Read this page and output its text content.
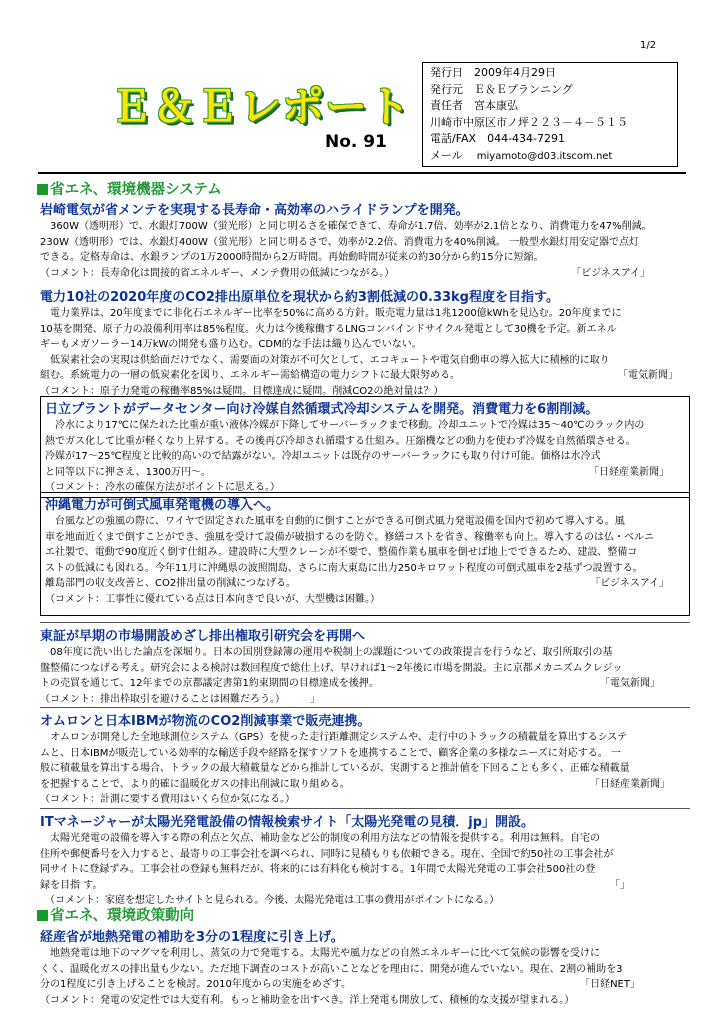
1/2
Ｅ＆Ｅレポート
No. 91
発行日　2009年4月29日
発行元　Ｅ＆Ｅプランニング
責任者　宮本康弘
川崎市中原区市ノ坪２２３－４－５１５
電話/FAX　044-434-7291
メール miyamoto@d03.itscom.net
省エネ、環境機器システム
岩崎電気が省メンテを実現する長寿命・高効率のハライドランプを開発。

　360W（透明形）で、水銀灯700W（蛍光形）と同じ明るさを確保できて、寿命が1.7倍、効率が2.1倍となり、消費電力を47%削減。

230W（透明形）では、水銀灯400W（蛍光形）と同じ明るさで、効率が2.2倍、消費電力を40%削減。 一般型水銀灯用安定器で点灯

できる。定格寿命は、水銀ランプの1万2000時間から2万時間。再始動時間が従来の約30分から約15分に短縮。

（コメント：長寿命化は間接的省エネルギー、メンテ費用の低減につながる。）	「ビジネスアイ」
電力10社の2020年度のCO2排出原単位を現状から約3割低減の0.33kg程度を目指す。

　電力業界は、20年度までに非化石エネルギー比率を50%に高める方針。販売電力量は1兆1200億kWhを見込む。20年度までに

10基を開発、原子力の設備利用率は85%程度。火力は今後稼働するLNGコンバインドサイクル発電として30機を予定。新エネル

ギーもメガソーラー14万kWの開発も盛り込む。CDM的な手法は織り込んでいない。

　低炭素社会の実現は供給面だけでなく、需要面の対策が不可欠として、エコキュートや電気自動車の導入拡大に積極的に取り

組む。系統電力の一層の低炭素化を図り、エネルギー需給構造の電力シフトに最大限努める。	「電気新聞」

（コメント：原子力発電の稼働率85%は疑問。目標達成に疑問。削減CO2の絶対量は？）
日立プラントがデータセンター向け冷媒自然循環式冷却システムを開発。消費電力を6割削減。

　冷水により17℃に保たれた比重が重い液体冷媒が下降してサーバーラックまで移動。冷却ユニットで冷媒は35～40℃のラック内の

熱でガス化して比重が軽くなり上昇する。その後再び冷却され循環する仕組み。圧縮機などの動力を使わず冷媒を自然循環させる。

冷媒が17～25℃程度と比較的高いので結露がない。冷却ユニットは既存のサーバーラックにも取り付け可能。価格は水冷式

と同等以下に押さえ、1300万円～。	「日経産業新聞」

（コメント：冷水の確保方法がポイントに思える。）
沖縄電力が可倒式風車発電機の導入へ。

　台風などの強風の際に、ワイヤで固定された風車を自動的に倒すことができる可倒式風力発電設備を国内で初めて導入する。風

車を地面近くまで倒すことができ、強風を受けて設備が破損するのを防ぐ。修繕コストを省き、稼働率も向上。導入するのは仏・ベルニ

エ社製で、電動で90度近く倒す仕組み。建設時に大型クレーンが不要で、整備作業も風車を倒せば地上でできるため、建設、整備コ

ストの低減にも図れる。今年11月に沖縄県の波照間島、さらに南大東島に出力250キロワット程度の可倒式風車を2基ずつ設置する。

離島部門の収支改善と、CO2排出量の削減につなげる。	「ビジネスアイ」

（コメント：工事性に優れている点は日本向きで良いが、大型機は困難。）
東証が早期の市場開設めざし排出権取引研究会を再開へ

　08年度に洗い出した論点を深堀り。日本の国別登録簿の運用や税制上の課題についての政策提言を行うなど、取引所取引の基

盤整備につなげる考え。研究会による検討は数回程度で総仕上げ、早ければ1～2年後に市場を開設。主に京都メカニズムクレジッ

トの売買を通じて、12年までの京都議定書第1約束期間の目標達成を後押。	「電気新聞」

（コメント：排出枠取引を避けることは困難だろう。）　　　」
オムロンと日本IBMが物流のCO2削減事業で販売連携。

　オムロンが開発した全地球測位システム（GPS）を使った走行距離測定システムや、走行中のトラックの積載量を算出するシステ

ムと、日本IBMが販売している効率的な輸送手段や経路を探すソフトを連携することで、顧客企業の多様なニーズに対応する。 一

般に積載量を算出する場合、トラックの最大積載量などから推計しているが、実測すると推計値を下回ることも多く、正確な積載量

を把握することで、より的確に温暖化ガスの排出削減に取り組める。	「日経産業新聞」

（コメント：計測に要する費用はいくら位か気になる。）
ITマネージャーが太陽光発電設備の情報検索サイト「太陽光発電の見積．jp」開設。

　太陽光発電の設備を導入する際の利点と欠点、補助金など公的制度の利用方法などの情報を提供する。利用は無料。自宅の

住所や郵便番号を入力すると、最寄りの工事会社を調べられ、同時に見積もりも依頼できる。現在、全国で約50社の工事会社が

同サイトに登録ずみ。工事会社の登録も無料だが、将来的には有料化も検討する。1年間で太陽光発電の工事会社500社の登

録を目指 す。	「」

　（コメント：家庭を想定したサイトと見られる。今後、太陽光発電は工事の費用がポイントになる。）
省エネ、環境政策動向
経産省が地熱発電の補助を3分の1程度に引き上げ。

　地熱発電は地下のマグマを利用し、蒸気の力で発電する。太陽光や風力などの自然エネルギーに比べて気候の影響を受けに

くく、温暖化ガスの排出量も少ない。ただ地下調査のコストが高いことなどを理由に、開発が進んでいない。現在、2割の補助を3

分の1程度に引き上げることを検討。2010年度からの実施をめざす。	「日経NET」

（コメント：発電の安定性では大変有利。もっと補助金を出すべき。洋上発電も開放して、積極的な支援が望まれる。）
